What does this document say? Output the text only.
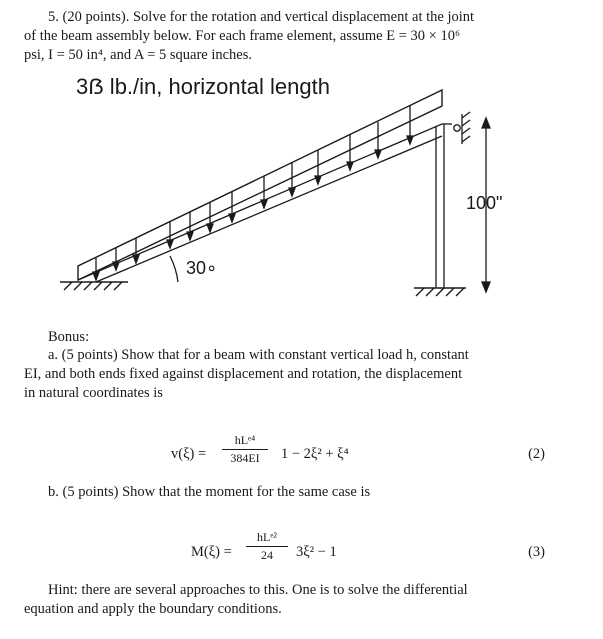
5. (20 points). Solve for the rotation and vertical displacement at the joint
of the beam assembly below. For each frame element, assume E = 30 × 10⁶
psi, I = 50 in⁴, and A = 5 square inches.
3ẞ lb./in, horizontal length
30∘
100"
Bonus:
a. (5 points) Show that for a beam with constant vertical load h, constant
EI, and both ends fixed against displacement and rotation, the displacement
in natural coordinates is
v(ξ) =
hLᵉ⁴
384EI	1 − 2ξ² + ξ⁴	(2)
b. (5 points) Show that the moment for the same case is
M(ξ) =
hLᵉ²
24	3ξ² − 1	(3)
Hint: there are several approaches to this. One is to solve the differential
equation and apply the boundary conditions.
